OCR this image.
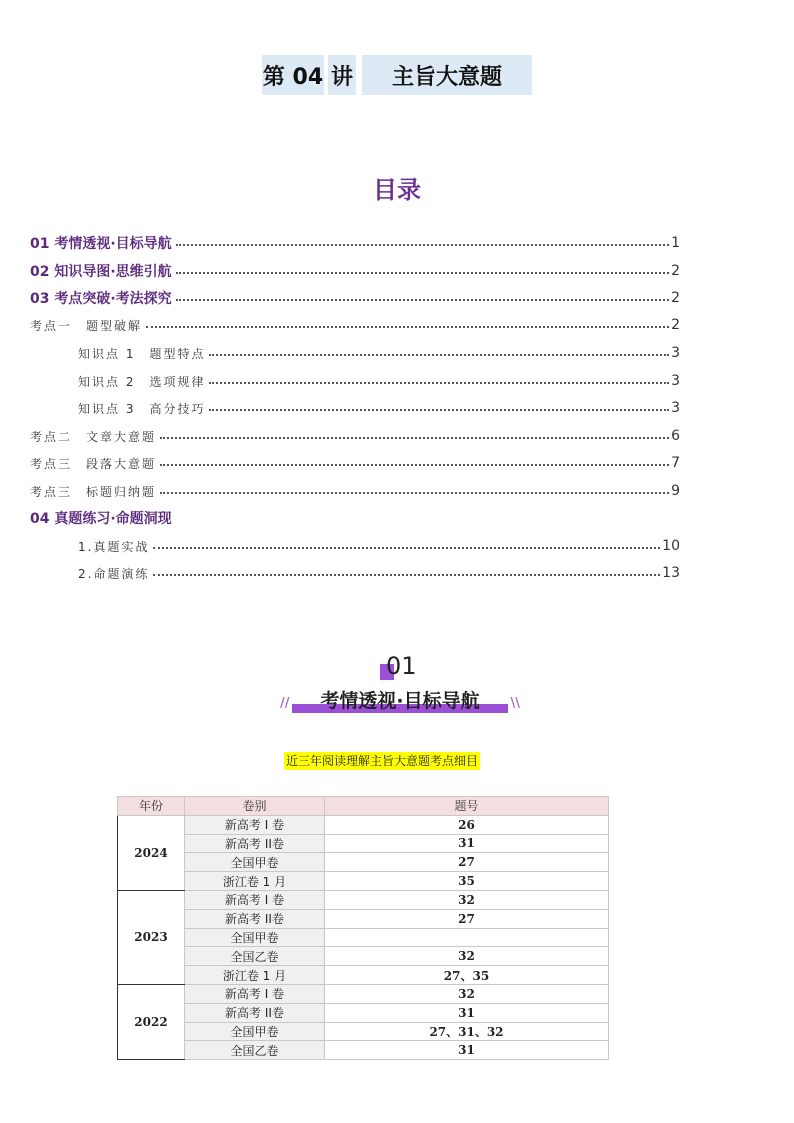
第 04 讲	主旨大意题
目录
01 考情透视·目标导航	1
02 知识导图·思维引航	2
03 考点突破·考法探究	2
考点一　题型破解	2
知识点 1　题型特点	3
知识点 2　选项规律	3
知识点 3　高分技巧	3
考点二　文章大意题	6
考点三　段落大意题	7
考点三　标题归纳题	9
04 真题练习·命题洞现
1.真题实战	10
2.命题演练	13
01
//	考情透视·目标导航	\\
近三年阅读理解主旨大意题考点细目
年份	卷别	题号
2024	新高考 I 卷	26
	新高考 II卷	31
	全国甲卷	27
	浙江卷 1 月	35
2023	新高考 I 卷	32
	新高考 II卷	27
	全国甲卷	
	全国乙卷	32
	浙江卷 1 月	27、35
2022	新高考 I 卷	32
	新高考 II卷	31
	全国甲卷	27、31、32
	全国乙卷	31
